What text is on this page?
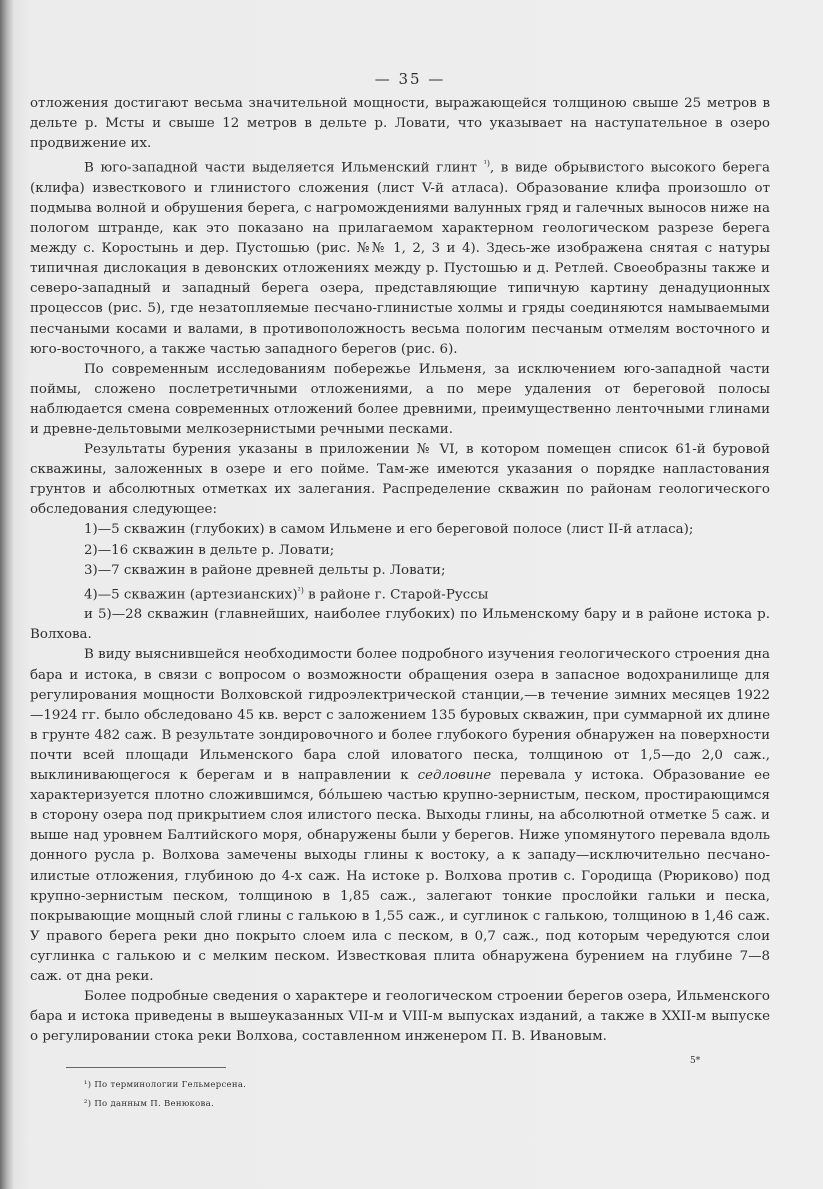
— 35 —

отложения достигают весьма значительной мощности, выражающейся толщиною свыше 25 метров в дельте р. Мсты и свыше 12 метров в дельте р. Ловати, что указывает на наступательное в озеро продвижение их.

В юго-западной части выделяется Ильменский глинт $^{^1)}$, в виде обрывистого высокого берега (клифа) известкового и глинистого сложения (лист V-й атласа). Образование клифа произошло от подмыва волной и обрушения берега, с нагромождениями валунных гряд и галечных выносов ниже на пологом штранде, как это показано на прилагаемом характерном геологическом разрезе берега между с. Коростынь и дер. Пустошью (рис. №№ 1, 2, 3 и 4). Здесь-же изображена снятая с натуры типичная дислокация в девонских отложениях между р. Пустошью и д. Ретлей. Своеобразны также и северо-западный и западный берега озера, представляющие типичную картину денадуционных процессов (рис. 5), где незатопляемые песчано-глинистые холмы и гряды соединяются намываемыми песчаными косами и валами, в противоположность весьма пологим песчаным отмелям восточного и юго-восточного, а также частью западного берегов (рис. 6).

По современным исследованиям побережье Ильменя, за исключением юго-западной части поймы, сложено послетретичными отложениями, а по мере удаления от береговой полосы наблюдается смена современных отложений более древними, преимущественно ленточными глинами и древне-дельтовыми мелкозернистыми речными песками.

Результаты бурения указаны в приложении № VI, в котором помещен список 61-й буровой скважины, заложенных в озере и его пойме. Там-же имеются указания о порядке напластования грунтов и абсолютных отметках их залегания. Распределение скважин по районам геологического обследования следующее:

1)—5 скважин (глубоких) в самом Ильмене и его береговой полосе (лист II-й атласа);
2)—16 скважин в дельте р. Ловати;
3)—7 скважин в районе древней дельты р. Ловати;
4)—5 скважин (артезианских)$^{^2)}$ в районе г. Старой-Руссы
и 5)—28 скважин (главнейших, наиболее глубоких) по Ильменскому бару и в районе истока р. Волхова.

В виду выяснившейся необходимости более подробного изучения геологического строения дна бара и истока, в связи с вопросом о возможности обращения озера в запасное водохранилище для регулирования мощности Волховской гидроэлектрической станции,—в течение зимних месяцев 1922—1924 гг. было обследовано 45 кв. верст с заложением 135 буровых скважин, при суммарной их длине в грунте 482 саж. В результате зондировочного и более глубокого бурения обнаружен на поверхности почти всей площади Ильменского бара слой иловатого песка, толщиною от 1,5—до 2,0 саж., выклинивающегося к берегам и в направлении к седловине перевала у истока. Образование ее характеризуется плотно сложившимся, бо́льшею частью крупно-зернистым, песком, простирающимся в сторону озера под прикрытием слоя илистого песка. Выходы глины, на абсолютной отметке 5 саж. и выше над уровнем Балтийского моря, обнаружены были у берегов. Ниже упомянутого перевала вдоль донного русла р. Волхова замечены выходы глины к востоку, а к западу—исключительно песчано-илистые отложения, глубиною до 4-х саж. На истоке р. Волхова против с. Городища (Рюриково) под крупно-зернистым песком, толщиною в 1,85 саж., залегают тонкие прослойки гальки и песка, покрывающие мощный слой глины с галькою в 1,55 саж., и суглинок с галькою, толщиною в 1,46 саж. У правого берега реки дно покрыто слоем ила с песком, в 0,7 саж., под которым чередуются слои суглинка с галькою и с мелким песком. Известковая плита обнаружена бурением на глубине 7—8 саж. от дна реки.

Более подробные сведения о характере и геологическом строении берегов озера, Ильменского бара и истока приведены в вышеуказанных VII-м и VIII-м выпусках изданий, а также в XXII-м выпуске о регулировании стока реки Волхова, составленном инженером П. В. Ивановым.

¹) По терминологии Гельмерсена.
²) По данным П. Венюкова.
5*
